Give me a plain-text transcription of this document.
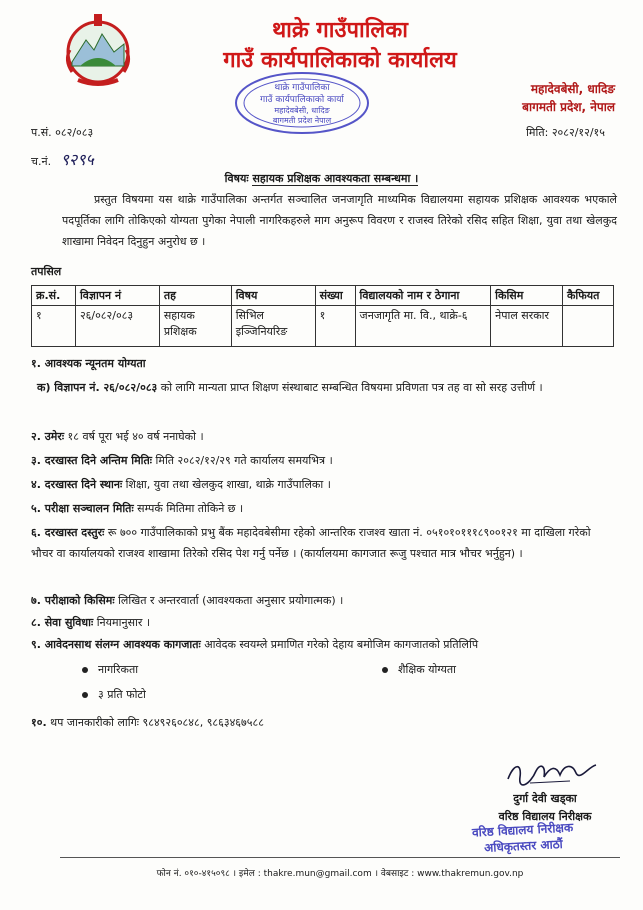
थाक्रे गाउँपालिका
गाउँ कार्यपालिकाको कार्यालय
थाक्रे गाउँपालिका
गाउँ कार्यपालिकाको कार्या
महादेवबेसी, धादिङ
बागमती प्रदेश नेपाल
महादेवबेसी, धादिङ
बागमती प्रदेश, नेपाल
प.सं. ०८२/०८३
च.नं. ९२९५
मिति: २०८२/१२/१५
विषयः सहायक प्रशिक्षक आवश्यकता सम्बन्धमा ।
प्रस्तुत विषयमा यस थाक्रे गाउँपालिका अन्तर्गत सञ्चालित जनजागृति माध्यमिक विद्यालयमा सहायक प्रशिक्षक आवश्यक भएकाले पदपूर्तिका लागि तोकिएको योग्यता पुगेका नेपाली नागरिकहरुले माग अनुरूप विवरण र राजस्व तिरेको रसिद सहित शिक्षा, युवा तथा खेलकुद शाखामा निवेदन दिनुहुन अनुरोध छ ।
तपसिल
क्र.सं.	विज्ञापन नं	तह	विषय	संख्या	विद्यालयको नाम र ठेगाना	किसिम	कैफियत
१	२६/०८२/०८३	सहायक प्रशिक्षक	सिभिल इञ्जिनियरिङ	१	जनजागृति मा. वि., थाक्रे-६	नेपाल सरकार	
१. आवश्यक न्यूनतम योग्यता
क) विज्ञापन नं. २६/०८२/०८३ को लागि मान्यता प्राप्त शिक्षण संस्थाबाट सम्बन्धित विषयमा प्रविणता पत्र तह वा सो सरह उत्तीर्ण ।
२. उमेरः १८ वर्ष पूरा भई ४० वर्ष ननाघेको ।
३. दरखास्त दिने अन्तिम मितिः मिति २०८२/१२/२९ गते कार्यालय समयभित्र ।
४. दरखास्त दिने स्थानः शिक्षा, युवा तथा खेलकुद शाखा, थाक्रे गाउँपालिका ।
५. परीक्षा सञ्चालन मितिः सम्पर्क मितिमा तोकिने छ ।
६. दरखास्त दस्तुरः रू ७०० गाउँपालिकाको प्रभु बैंक महादेवबेसीमा रहेको आन्तरिक राजश्व खाता नं. ०५१०१०१११८९००१२१ मा दाखिला गरेको भौचर वा कार्यालयको राजश्व शाखामा तिरेको रसिद पेश गर्नु पर्नेछ । (कार्यालयमा कागजात रूजु पश्चात मात्र भौचर भर्नुहुन) ।
७. परीक्षाको किसिमः लिखित र अन्तरवार्ता (आवश्यकता अनुसार प्रयोगात्मक) ।
८. सेवा सुविधाः नियमानुसार ।
९. आवेदनसाथ संलग्न आवश्यक कागजातः आवेदक स्वयम्ले प्रमाणित गरेको देहाय बमोजिम कागजातको प्रतिलिपि
नागरिकता	शैक्षिक योग्यता
३ प्रति फोटो
१०. थप जानकारीको लागिः ९८४९२६०८४८, ९८६३४६७५८८
दुर्गा देवी खड्का
वरिष्ठ विद्यालय निरीक्षक
वरिष्ठ विद्यालय निरीक्षक
अधिकृतस्तर आठौं
फोन नं. ०१०-४१५०९८ । इमेल : thakre.mun@gmail.com । वेबसाइट : www.thakremun.gov.np
